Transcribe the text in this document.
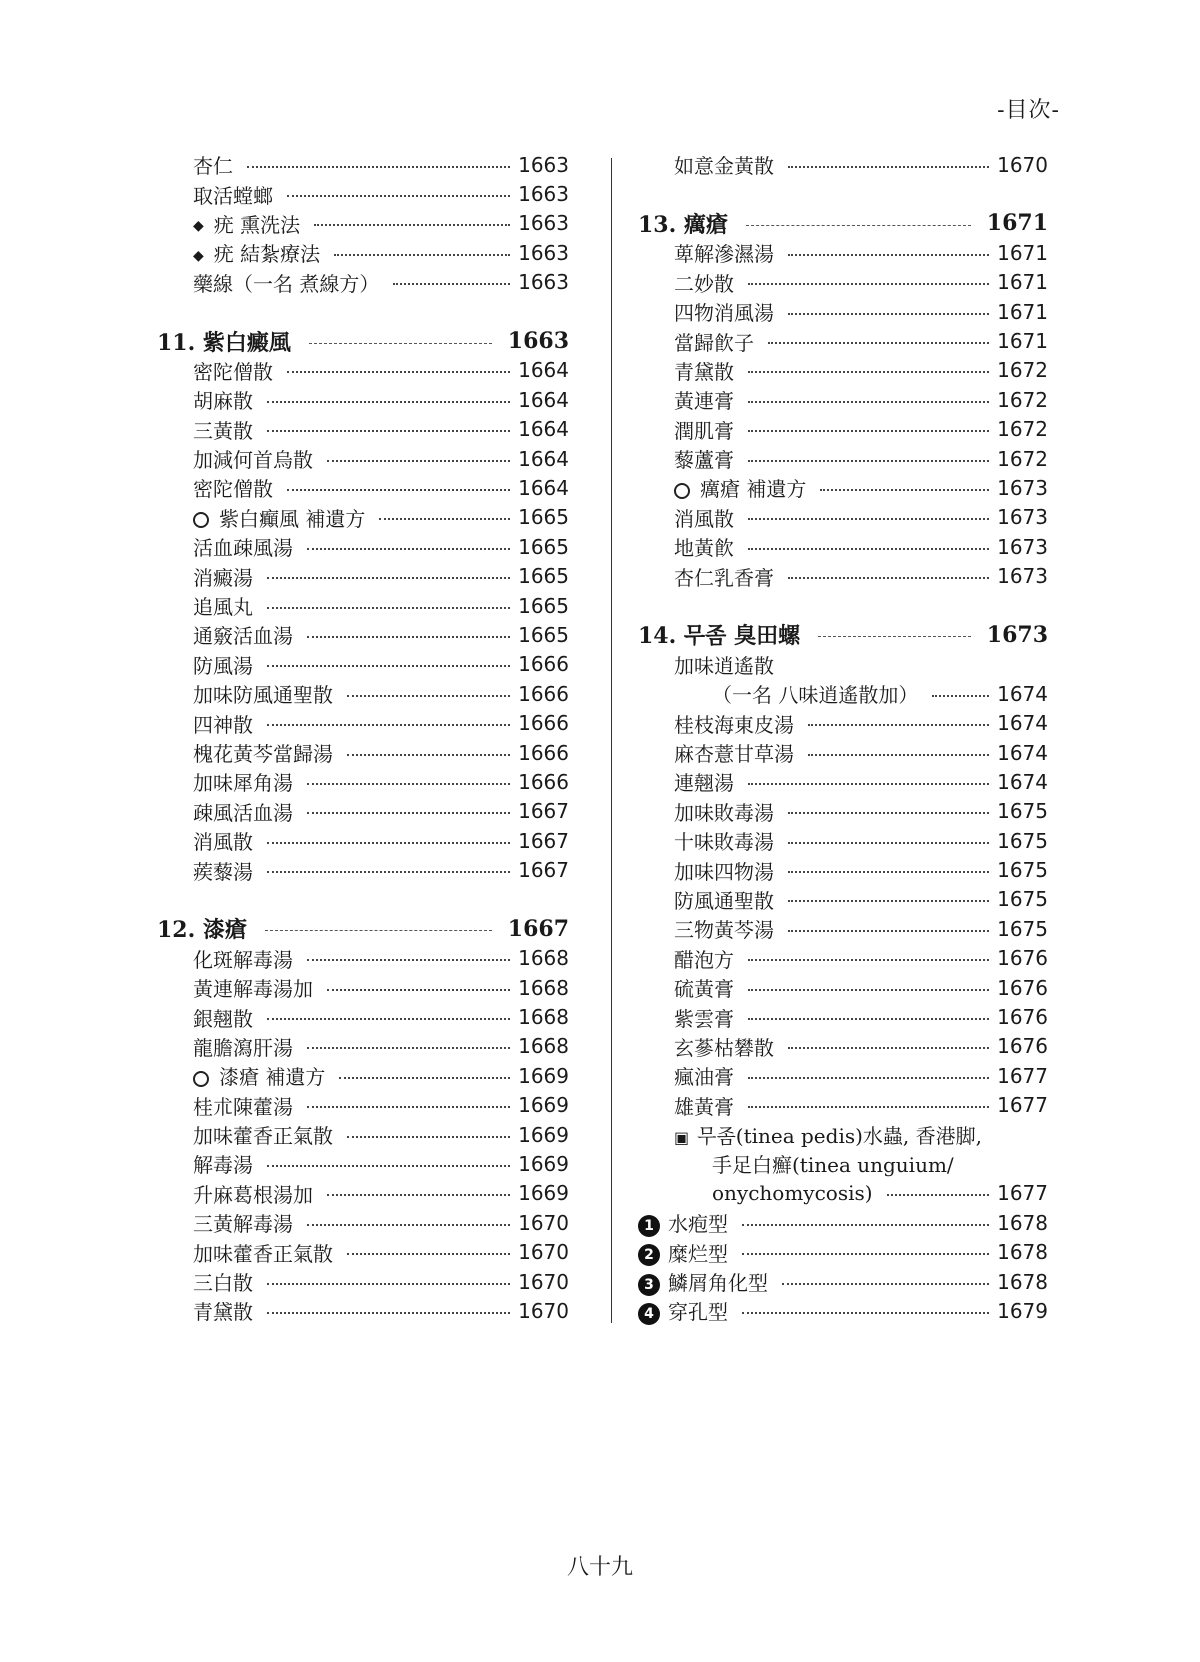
-目次-
杏仁	1663
取活螳螂	1663
◆ 疣 熏洗法	1663
◆ 疣 結紮療法	1663
藥線（一名 煮線方）	1663
11. 紫白癜風	1663
密陀僧散	1664
胡麻散	1664
三黃散	1664
加減何首烏散	1664
密陀僧散	1664
紫白癲風 補遺方	1665
活血疎風湯	1665
消癜湯	1665
追風丸	1665
通竅活血湯	1665
防風湯	1666
加味防風通聖散	1666
四神散	1666
槐花黃芩當歸湯	1666
加味犀角湯	1666
疎風活血湯	1667
消風散	1667
蒺藜湯	1667
12. 漆瘡	1667
化斑解毒湯	1668
黃連解毒湯加	1668
銀翹散	1668
龍膽瀉肝湯	1668
漆瘡 補遺方	1669
桂朮陳藿湯	1669
加味藿香正氣散	1669
解毒湯	1669
升麻葛根湯加	1669
三黃解毒湯	1670
加味藿香正氣散	1670
三白散	1670
青黛散	1670
如意金黃散	1670
13. 癘瘡	1671
萆解滲濕湯	1671
二妙散	1671
四物消風湯	1671
當歸飮子	1671
青黛散	1672
黃連膏	1672
潤肌膏	1672
藜蘆膏	1672
癘瘡 補遺方	1673
消風散	1673
地黃飮	1673
杏仁乳香膏	1673
14. 무좀 臭田螺	1673
加味逍遙散
（一名 八味逍遙散加）	1674
桂枝海東皮湯	1674
麻杏薏甘草湯	1674
連翹湯	1674
加味敗毒湯	1675
十味敗毒湯	1675
加味四物湯	1675
防風通聖散	1675
三物黃芩湯	1675
醋泡方	1676
硫黃膏	1676
紫雲膏	1676
玄蔘枯礬散	1676
瘋油膏	1677
雄黃膏	1677
▣ 무좀(tinea pedis)水蟲, 香港脚,
手足白癬(tinea unguium/
onychomycosis)	1677
1 水疱型	1678
2 糜烂型	1678
3 鱗屑角化型	1678
4 穿孔型	1679
八十九
